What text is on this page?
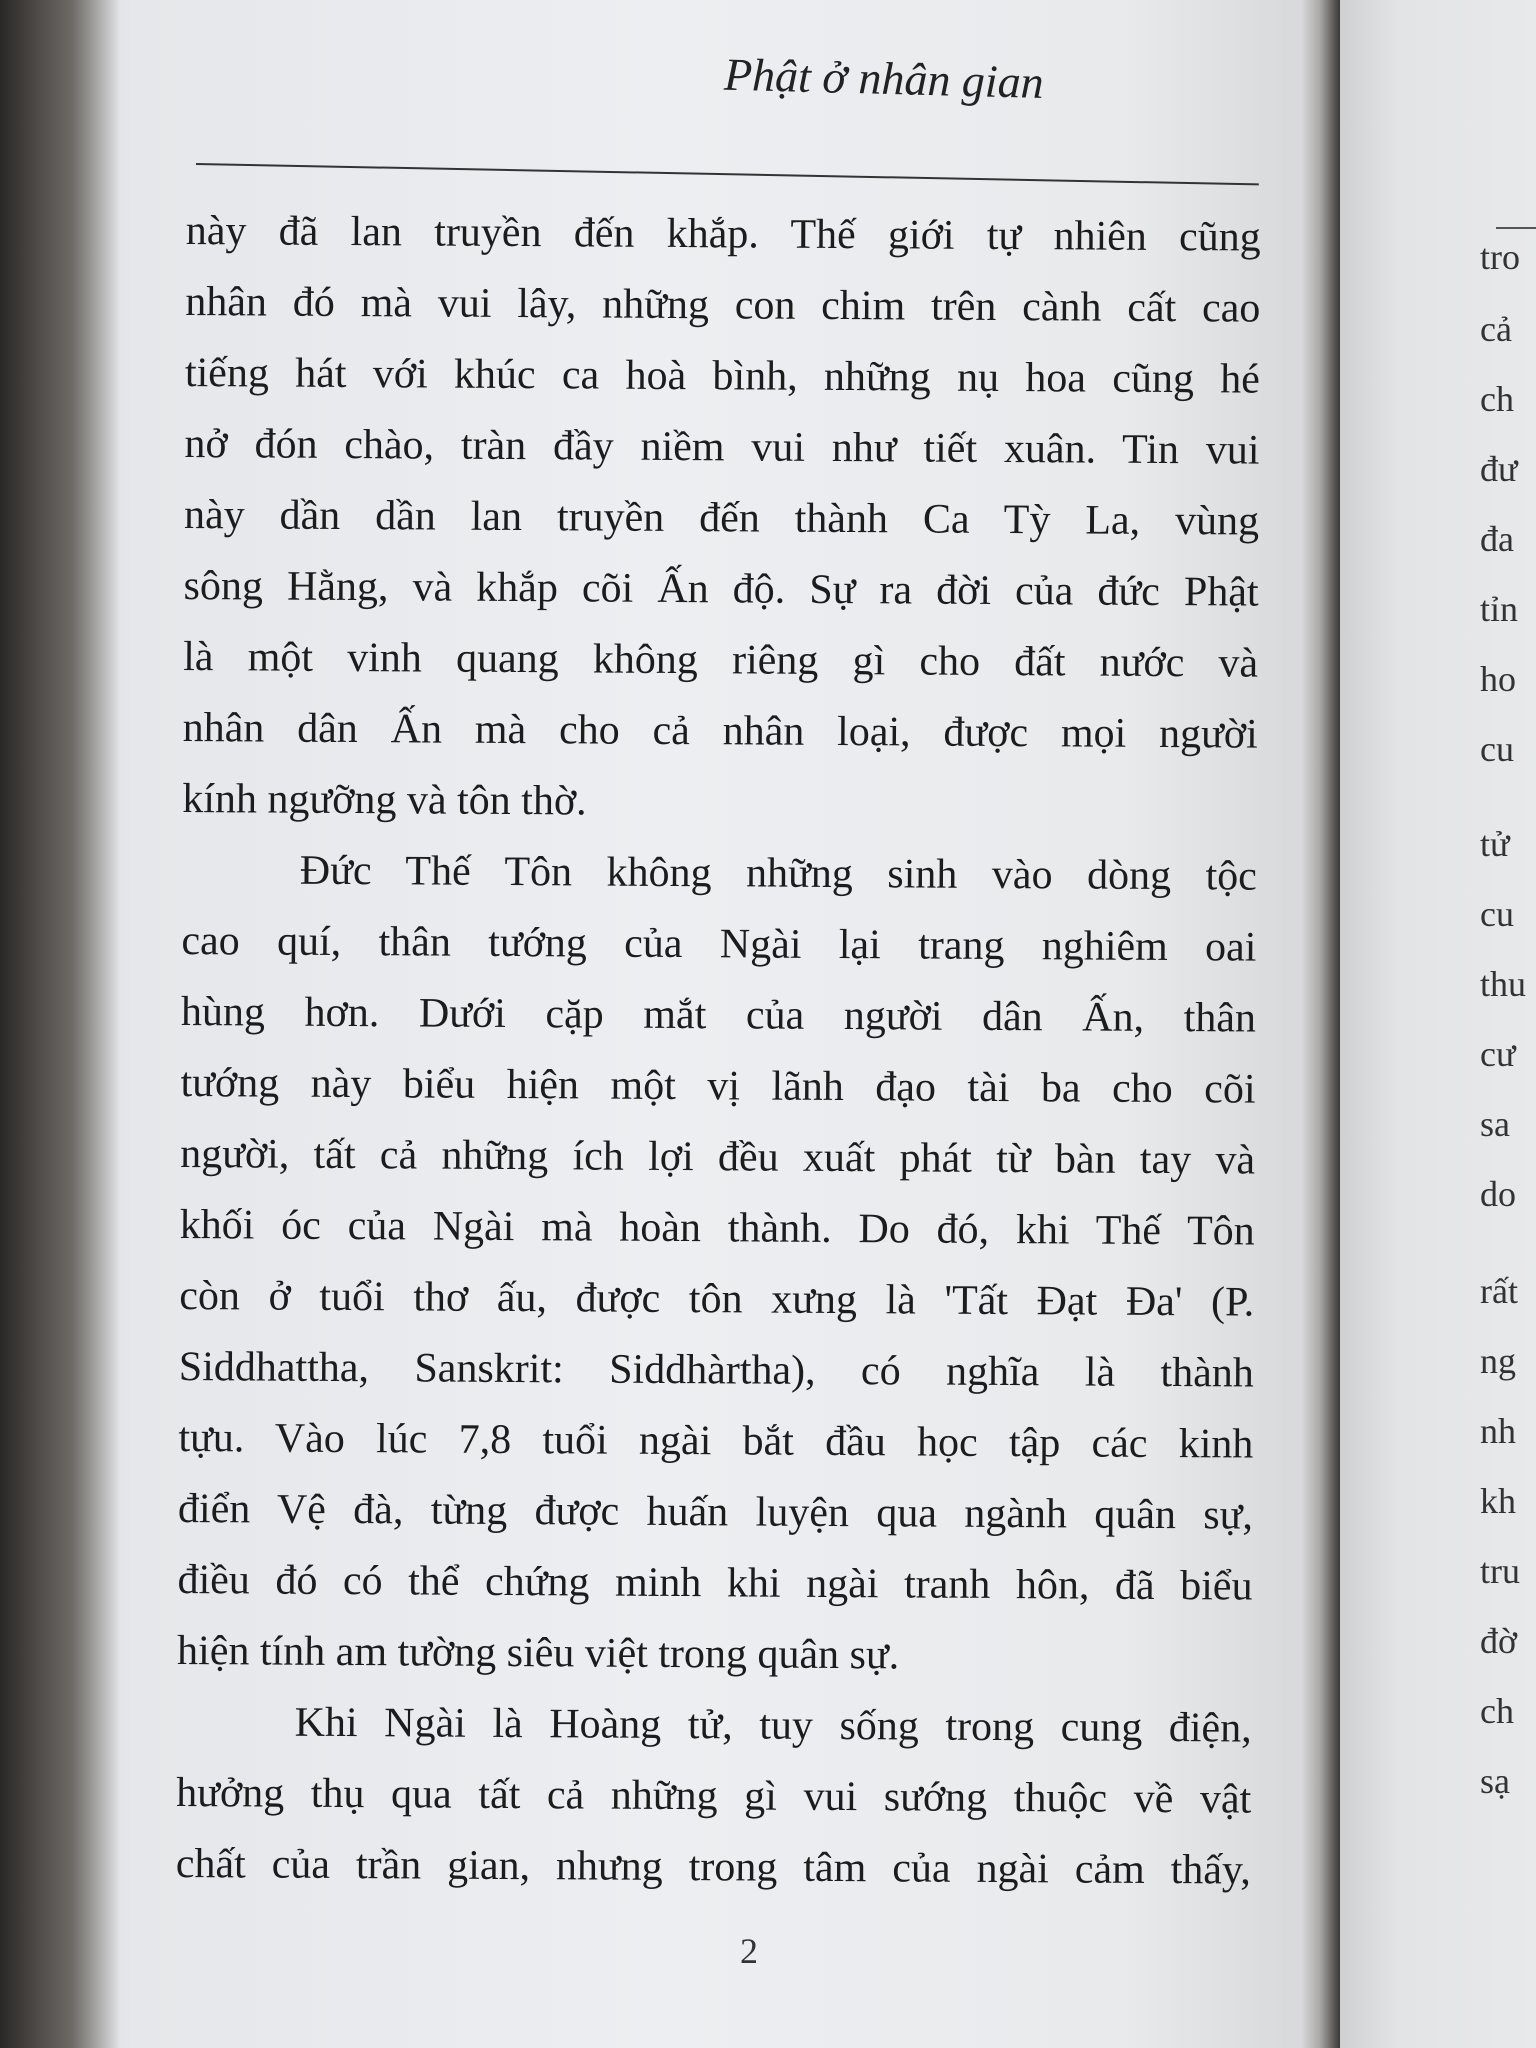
Phật ở nhân gian
này đã lan truyền đến khắp. Thế giới tự nhiên cũng
nhân đó mà vui lây, những con chim trên cành cất cao
tiếng hát với khúc ca hoà bình, những nụ hoa cũng hé
nở đón chào, tràn đầy niềm vui như tiết xuân. Tin vui
này dần dần lan truyền đến thành Ca Tỳ La, vùng
sông Hằng, và khắp cõi Ấn độ. Sự ra đời của đức Phật
là một vinh quang không riêng gì cho đất nước và
nhân dân Ấn mà cho cả nhân loại, được mọi người
kính ngưỡng và tôn thờ.
Đức Thế Tôn không những sinh vào dòng tộc
cao quí, thân tướng của Ngài lại trang nghiêm oai
hùng hơn. Dưới cặp mắt của người dân Ấn, thân
tướng này biểu hiện một vị lãnh đạo tài ba cho cõi
người, tất cả những ích lợi đều xuất phát từ bàn tay và
khối óc của Ngài mà hoàn thành. Do đó, khi Thế Tôn
còn ở tuổi thơ ấu, được tôn xưng là 'Tất Đạt Đa' (P.
Siddhattha, Sanskrit: Siddhàrtha), có nghĩa là thành
tựu. Vào lúc 7,8 tuổi ngài bắt đầu học tập các kinh
điển Vệ đà, từng được huấn luyện qua ngành quân sự,
điều đó có thể chứng minh khi ngài tranh hôn, đã biểu
hiện tính am tường siêu việt trong quân sự.
Khi Ngài là Hoàng tử, tuy sống trong cung điện,
hưởng thụ qua tất cả những gì vui sướng thuộc về vật
chất của trần gian, nhưng trong tâm của ngài cảm thấy,
2
tro
cả
ch
đư
đa
tỉn
ho
cu
tử
cu
thu
cư
sa
do
rất
ng
nh
kh
tru
đờ
ch
sạ
